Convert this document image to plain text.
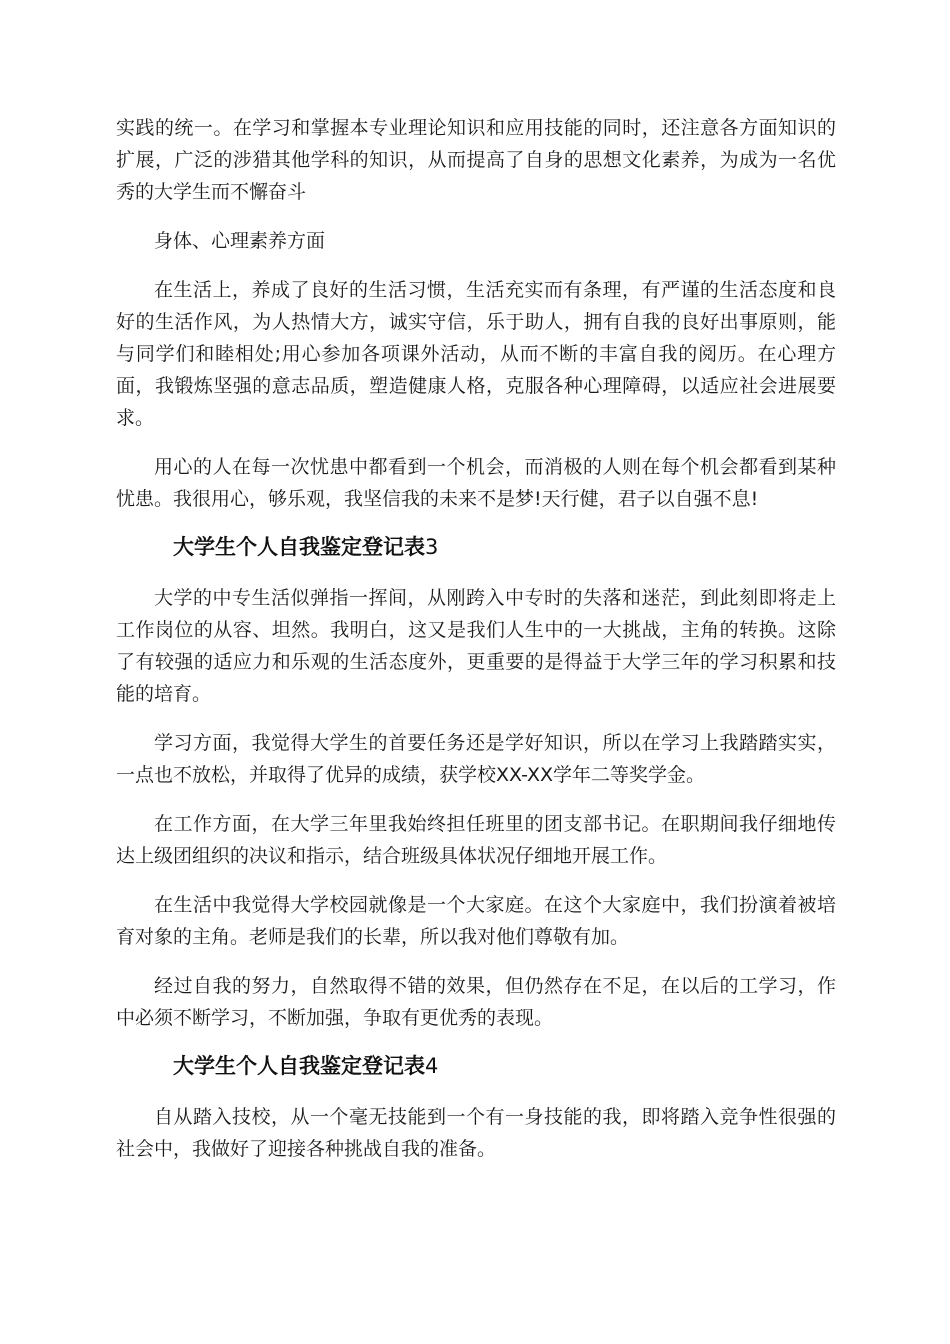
实践的统一。在学习和掌握本专业理论知识和应用技能的同时，还注意各方面知识的扩展，广泛的涉猎其他学科的知识，从而提高了自身的思想文化素养，为成为一名优秀的大学生而不懈奋斗

身体、心理素养方面

在生活上，养成了良好的生活习惯，生活充实而有条理，有严谨的生活态度和良好的生活作风，为人热情大方，诚实守信，乐于助人，拥有自我的良好出事原则，能与同学们和睦相处;用心参加各项课外活动，从而不断的丰富自我的阅历。在心理方面，我锻炼坚强的意志品质，塑造健康人格，克服各种心理障碍，以适应社会进展要求。

用心的人在每一次忧患中都看到一个机会，而消极的人则在每个机会都看到某种忧患。我很用心，够乐观，我坚信我的未来不是梦!天行健，君子以自强不息!

大学生个人自我鉴定登记表3

大学的中专生活似弹指一挥间，从刚跨入中专时的失落和迷茫，到此刻即将走上工作岗位的从容、坦然。我明白，这又是我们人生中的一大挑战，主角的转换。这除了有较强的适应力和乐观的生活态度外，更重要的是得益于大学三年的学习积累和技能的培育。

学习方面，我觉得大学生的首要任务还是学好知识，所以在学习上我踏踏实实，一点也不放松，并取得了优异的成绩，获学校XX-XX学年二等奖学金。

在工作方面，在大学三年里我始终担任班里的团支部书记。在职期间我仔细地传达上级团组织的决议和指示，结合班级具体状况仔细地开展工作。

在生活中我觉得大学校园就像是一个大家庭。在这个大家庭中，我们扮演着被培育对象的主角。老师是我们的长辈，所以我对他们尊敬有加。

经过自我的努力，自然取得不错的效果，但仍然存在不足，在以后的工学习，作中必须不断学习，不断加强，争取有更优秀的表现。

大学生个人自我鉴定登记表4

自从踏入技校，从一个毫无技能到一个有一身技能的我，即将踏入竞争性很强的社会中，我做好了迎接各种挑战自我的准备。
